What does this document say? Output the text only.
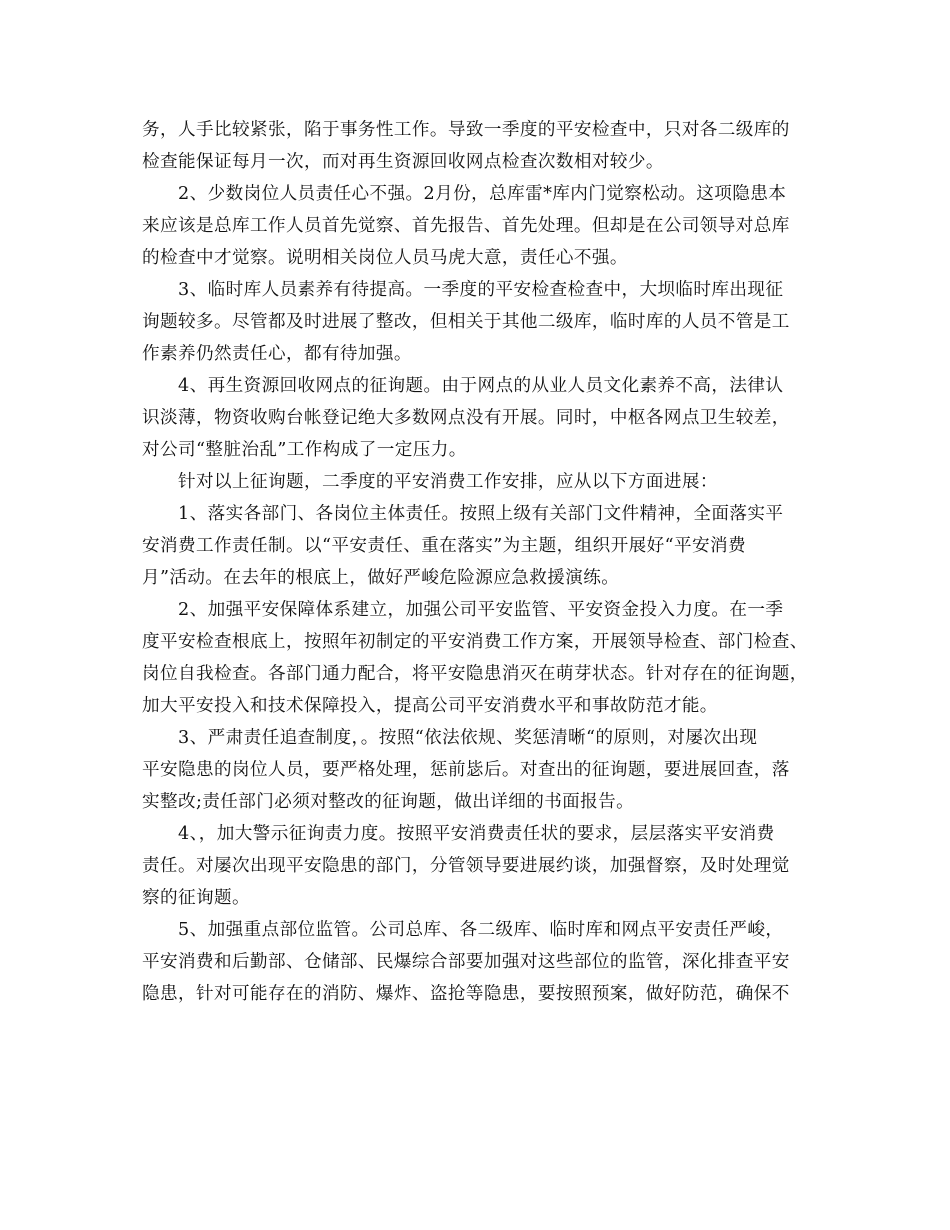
务，人手比较紧张，陷于事务性工作。导致一季度的平安检查中，只对各二级库的
检查能保证每月一次，而对再生资源回收网点检查次数相对较少。
2、少数岗位人员责任心不强。2月份，总库雷*库内门觉察松动。这项隐患本
来应该是总库工作人员首先觉察、首先报告、首先处理。但却是在公司领导对总库
的检查中才觉察。说明相关岗位人员马虎大意，责任心不强。
3、临时库人员素养有待提高。一季度的平安检查检查中，大坝临时库出现征
询题较多。尽管都及时进展了整改，但相关于其他二级库，临时库的人员不管是工
作素养仍然责任心，都有待加强。
4、再生资源回收网点的征询题。由于网点的从业人员文化素养不高，法律认
识淡薄，物资收购台帐登记绝大多数网点没有开展。同时，中枢各网点卫生较差，
对公司“整脏治乱”工作构成了一定压力。
针对以上征询题，二季度的平安消费工作安排，应从以下方面进展：
1、落实各部门、各岗位主体责任。按照上级有关部门文件精神，全面落实平
安消费工作责任制。以“平安责任、重在落实”为主题，组织开展好“平安消费
月”活动。在去年的根底上，做好严峻危险源应急救援演练。
2、加强平安保障体系建立，加强公司平安监管、平安资金投入力度。在一季
度平安检查根底上，按照年初制定的平安消费工作方案，开展领导检查、部门检查、
岗位自我检查。各部门通力配合，将平安隐患消灭在萌芽状态。针对存在的征询题，
加大平安投入和技术保障投入，提高公司平安消费水平和事故防范才能。
3、严肃责任追查制度，。按照“依法依规、奖惩清晰“的原则，对屡次出现
平安隐患的岗位人员，要严格处理，惩前毖后。对查出的征询题，要进展回查，落
实整改;责任部门必须对整改的征询题，做出详细的书面报告。
4、，加大警示征询责力度。按照平安消费责任状的要求，层层落实平安消费
责任。对屡次出现平安隐患的部门，分管领导要进展约谈，加强督察，及时处理觉
察的征询题。
5、加强重点部位监管。公司总库、各二级库、临时库和网点平安责任严峻，
平安消费和后勤部、仓储部、民爆综合部要加强对这些部位的监管，深化排查平安
隐患，针对可能存在的消防、爆炸、盗抢等隐患，要按照预案，做好防范，确保不
